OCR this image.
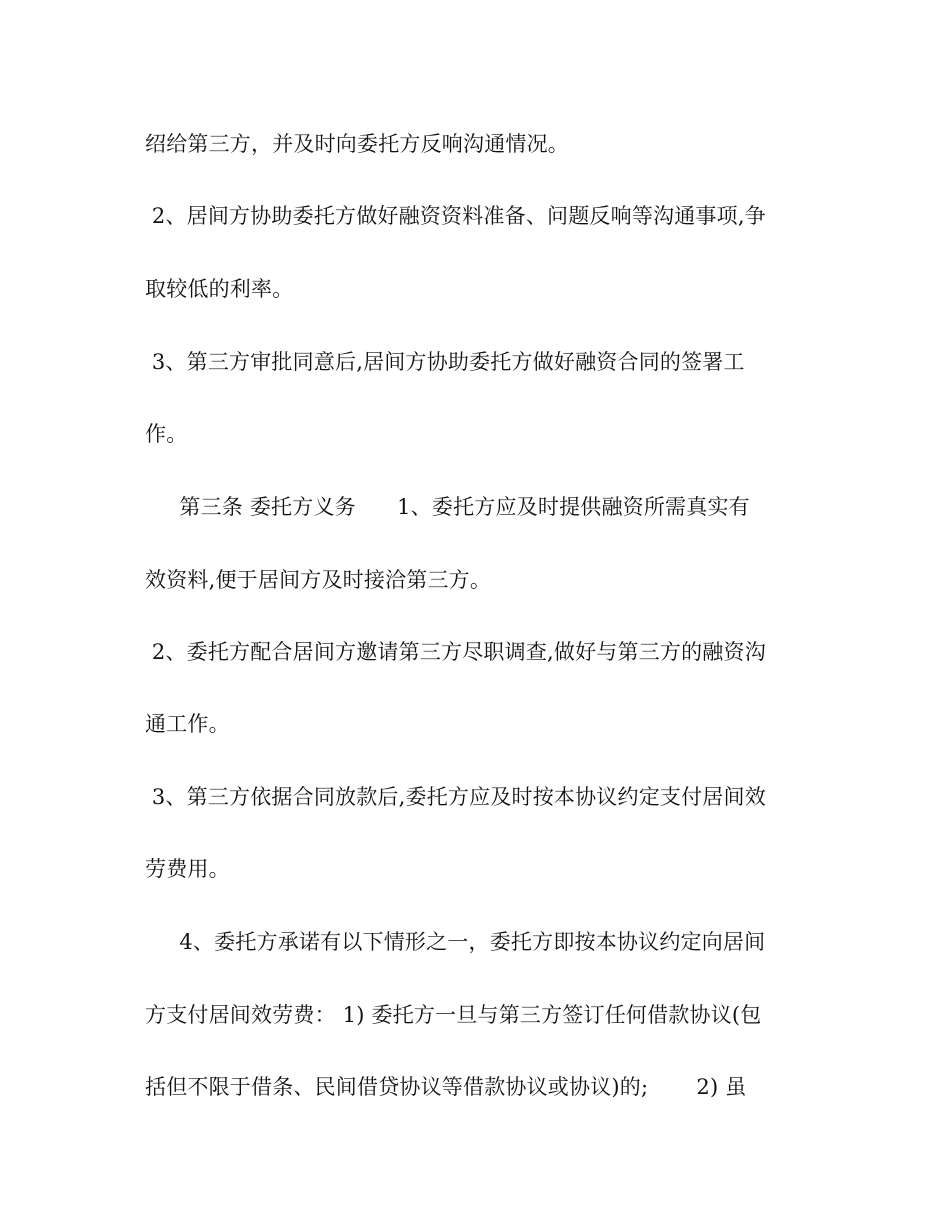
绍给第三方，并及时向委托方反响沟通情况。
2、居间方协助委托方做好融资资料准备、问题反响等沟通事项,争
取较低的利率。
3、第三方审批同意后,居间方协助委托方做好融资合同的签署工
作。
第三条 委托方义务      1、委托方应及时提供融资所需真实有
效资料,便于居间方及时接洽第三方。
2、委托方配合居间方邀请第三方尽职调查,做好与第三方的融资沟
通工作。
3、第三方依据合同放款后,委托方应及时按本协议约定支付居间效
劳费用。
4、委托方承诺有以下情形之一，委托方即按本协议约定向居间
方支付居间效劳费： 1) 委托方一旦与第三方签订任何借款协议(包
括但不限于借条、民间借贷协议等借款协议或协议)的;       2) 虽
